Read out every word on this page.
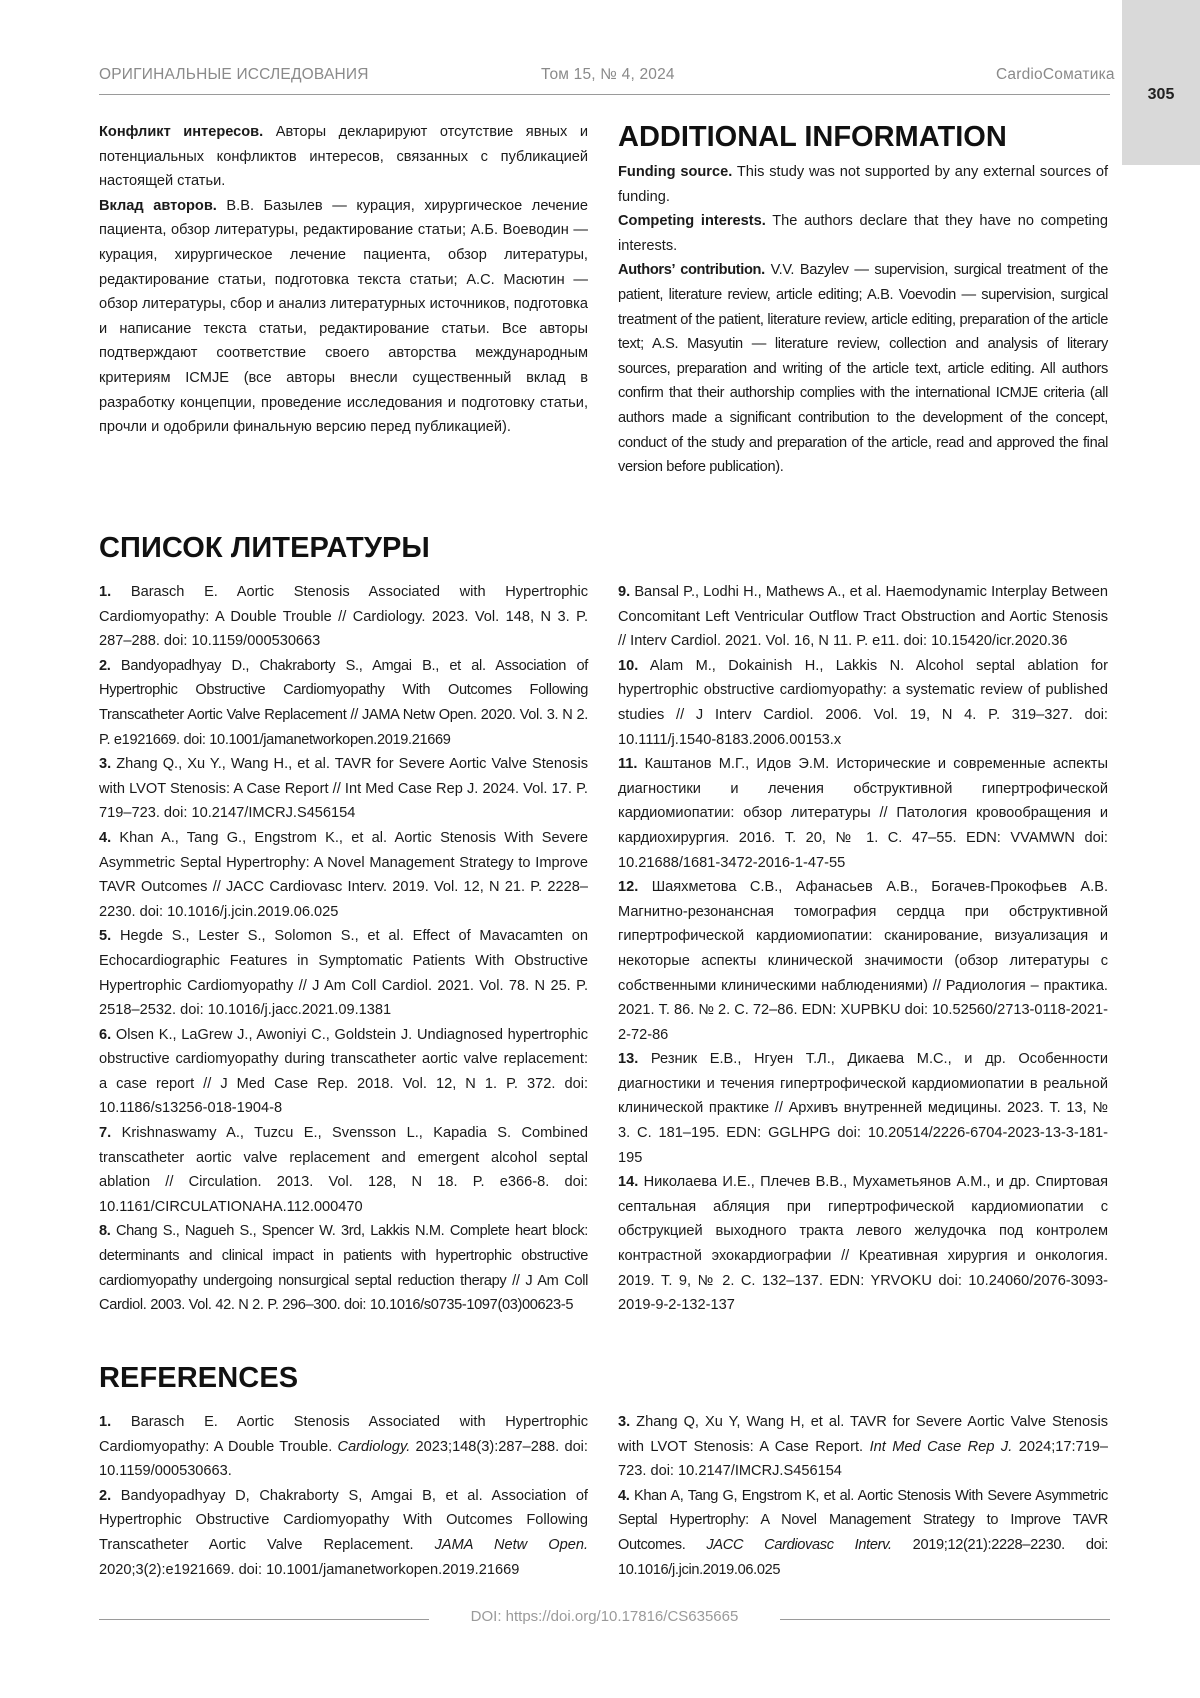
ОРИГИНАЛЬНЫЕ ИССЛЕДОВАНИЯ	Том 15, № 4, 2024	CardioСоматика
305

Конфликт интересов. Авторы декларируют отсутствие явных и потенциальных конфликтов интересов, связанных с публикацией настоящей статьи.

Вклад авторов. В.В. Базылев — курация, хирургическое лечение пациента, обзор литературы, редактирование статьи; А.Б. Воеводин — курация, хирургическое лечение пациента, обзор литературы, редактирование статьи, подготовка текста статьи; А.С. Масютин — обзор литературы, сбор и анализ литературных источников, подготовка и написание текста статьи, редактирование статьи. Все авторы подтверждают соответствие своего авторства международным критериям ICMJE (все авторы внесли существенный вклад в разработку концепции, проведение исследования и подготовку статьи, прочли и одобрили финальную версию перед публикацией).

ADDITIONAL INFORMATION

Funding source. This study was not supported by any external sources of funding.

Competing interests. The authors declare that they have no competing interests.

Authors’ contribution. V.V. Bazylev — supervision, surgical treatment of the patient, literature review, article editing; A.B. Voevodin — supervision, surgical treatment of the patient, literature review, article editing, preparation of the article text; A.S. Masyutin — literature review, collection and analysis of literary sources, preparation and writing of the article text, article editing. All authors confirm that their authorship complies with the international ICMJE criteria (all authors made a significant contribution to the development of the concept, conduct of the study and preparation of the article, read and approved the final version before publication).

СПИСОК ЛИТЕРАТУРЫ

1. Barasch E. Aortic Stenosis Associated with Hypertrophic Cardiomyopathy: A Double Trouble // Cardiology. 2023. Vol. 148, N 3. P. 287–288. doi: 10.1159/000530663

2. Bandyopadhyay D., Chakraborty S., Amgai B., et al. Association of Hypertrophic Obstructive Cardiomyopathy With Outcomes Following Transcatheter Aortic Valve Replacement // JAMA Netw Open. 2020. Vol. 3. N 2. P. e1921669. doi: 10.1001/jamanetworkopen.2019.21669

3. Zhang Q., Xu Y., Wang H., et al. TAVR for Severe Aortic Valve Stenosis with LVOT Stenosis: A Case Report // Int Med Case Rep J. 2024. Vol. 17. P. 719–723. doi: 10.2147/IMCRJ.S456154

4. Khan A., Tang G., Engstrom K., et al. Aortic Stenosis With Severe Asymmetric Septal Hypertrophy: A Novel Management Strategy to Improve TAVR Outcomes // JACC Cardiovasc Interv. 2019. Vol. 12, N 21. P. 2228–2230. doi: 10.1016/j.jcin.2019.06.025

5. Hegde S., Lester S., Solomon S., et al. Effect of Mavacamten on Echocardiographic Features in Symptomatic Patients With Obstructive Hypertrophic Cardiomyopathy // J Am Coll Cardiol. 2021. Vol. 78. N 25. P. 2518–2532. doi: 10.1016/j.jacc.2021.09.1381

6. Olsen K., LaGrew J., Awoniyi C., Goldstein J. Undiagnosed hypertrophic obstructive cardiomyopathy during transcatheter aortic valve replacement: a case report // J Med Case Rep. 2018. Vol. 12, N 1. P. 372. doi: 10.1186/s13256-018-1904-8

7. Krishnaswamy A., Tuzcu E., Svensson L., Kapadia S. Combined transcatheter aortic valve replacement and emergent alcohol septal ablation // Circulation. 2013. Vol. 128, N 18. P. e366-8. doi: 10.1161/CIRCULATIONAHA.112.000470

8. Chang S., Nagueh S., Spencer W. 3rd, Lakkis N.M. Complete heart block: determinants and clinical impact in patients with hypertrophic obstructive cardiomyopathy undergoing nonsurgical septal reduction therapy // J Am Coll Cardiol. 2003. Vol. 42. N 2. P. 296–300. doi: 10.1016/s0735-1097(03)00623-5

9. Bansal P., Lodhi H., Mathews A., et al. Haemodynamic Interplay Between Concomitant Left Ventricular Outflow Tract Obstruction and Aortic Stenosis // Interv Cardiol. 2021. Vol. 16, N 11. P. e11. doi: 10.15420/icr.2020.36

10. Alam M., Dokainish H., Lakkis N. Alcohol septal ablation for hypertrophic obstructive cardiomyopathy: a systematic review of published studies // J Interv Cardiol. 2006. Vol. 19, N 4. P. 319–327. doi: 10.1111/j.1540-8183.2006.00153.x

11. Каштанов М.Г., Идов Э.М. Исторические и современные аспекты диагностики и лечения обструктивной гипертрофической кардиомиопатии: обзор литературы // Патология кровообращения и кардиохирургия. 2016. Т. 20, № 1. С. 47–55. EDN: VVAMWN doi: 10.21688/1681-3472-2016-1-47-55

12. Шаяхметова С.В., Афанасьев А.В., Богачев-Прокофьев А.В. Магнитно-резонансная томография сердца при обструктивной гипертрофической кардиомиопатии: сканирование, визуализация и некоторые аспекты клинической значимости (обзор литературы с собственными клиническими наблюдениями) // Радиология – практика. 2021. Т. 86. № 2. С. 72–86. EDN: XUPBKU doi: 10.52560/2713-0118-2021-2-72-86

13. Резник Е.В., Нгуен Т.Л., Дикаева М.С., и др. Особенности диагностики и течения гипертрофической кардиомиопатии в реальной клинической практике // Архивъ внутренней медицины. 2023. Т. 13, № 3. С. 181–195. EDN: GGLHPG doi: 10.20514/2226-6704-2023-13-3-181-195

14. Николаева И.Е., Плечев В.В., Мухаметьянов А.М., и др. Спиртовая септальная абляция при гипертрофической кардиомиопатии с обструкцией выходного тракта левого желудочка под контролем контрастной эхокардиографии // Креативная хирургия и онкология. 2019. Т. 9, № 2. С. 132–137. EDN: YRVOKU doi: 10.24060/2076-3093-2019-9-2-132-137

REFERENCES

1. Barasch E. Aortic Stenosis Associated with Hypertrophic Cardiomyopathy: A Double Trouble. Cardiology. 2023;148(3):287–288. doi: 10.1159/000530663.

2. Bandyopadhyay D, Chakraborty S, Amgai B, et al. Association of Hypertrophic Obstructive Cardiomyopathy With Outcomes Following Transcatheter Aortic Valve Replacement. JAMA Netw Open. 2020;3(2):e1921669. doi: 10.1001/jamanetworkopen.2019.21669

3. Zhang Q, Xu Y, Wang H, et al. TAVR for Severe Aortic Valve Stenosis with LVOT Stenosis: A Case Report. Int Med Case Rep J. 2024;17:719–723. doi: 10.2147/IMCRJ.S456154

4. Khan A, Tang G, Engstrom K, et al. Aortic Stenosis With Severe Asymmetric Septal Hypertrophy: A Novel Management Strategy to Improve TAVR Outcomes. JACC Cardiovasc Interv. 2019;12(21):2228–2230. doi: 10.1016/j.jcin.2019.06.025

DOI: https://doi.org/10.17816/CS635665
